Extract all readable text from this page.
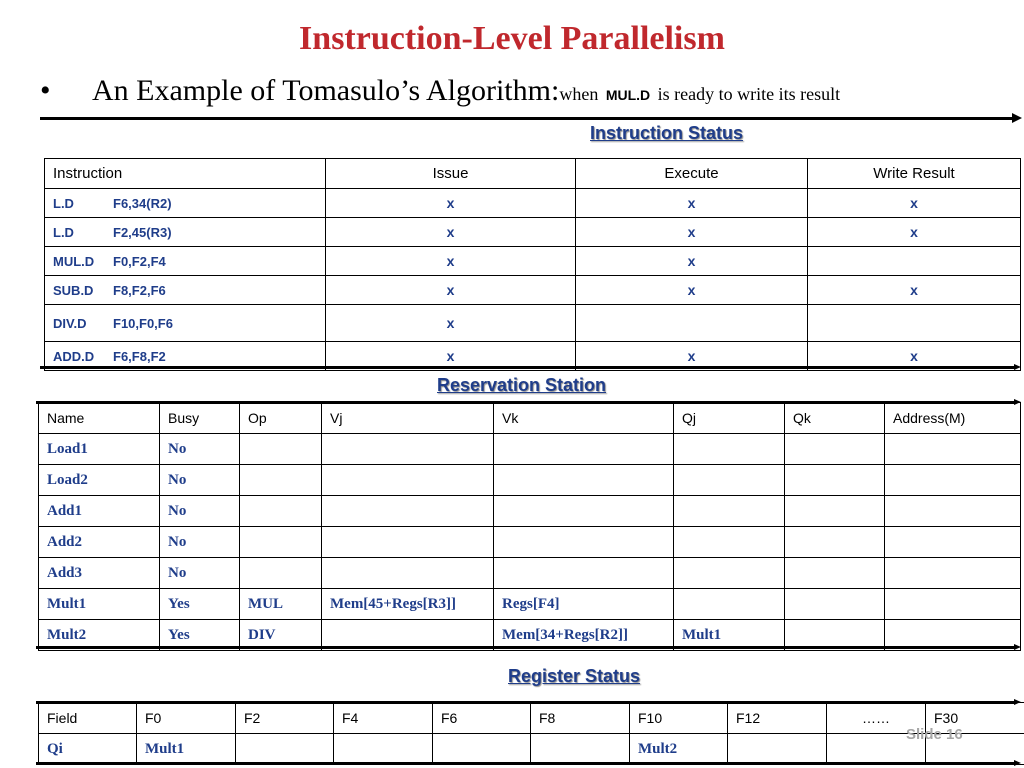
Instruction-Level Parallelism
• An Example of Tomasulo’s Algorithm:when MUL.D is ready to write its result
Instruction Status
Instruction	Issue	Execute	Write Result
L.D F6,34(R2)	x	x	x
L.D F2,45(R3)	x	x	x
MUL.D F0,F2,F4	x	x	
SUB.D F8,F2,F6	x	x	x
DIV.D F10,F0,F6	x		
ADD.D F6,F8,F2	x	x	x
Reservation Station
Name	Busy	Op	Vj	Vk	Qj	Qk	Address(M)
Load1	No						
Load2	No						
Add1	No						
Add2	No						
Add3	No						
Mult1	Yes	MUL	Mem[45+Regs[R3]]	Regs[F4]			
Mult2	Yes	DIV		Mem[34+Regs[R2]]	Mult1		
Register Status
Field	F0	F2	F4	F6	F8	F10	F12	……	F30
Qi	Mult1					Mult2			
Slide 16
